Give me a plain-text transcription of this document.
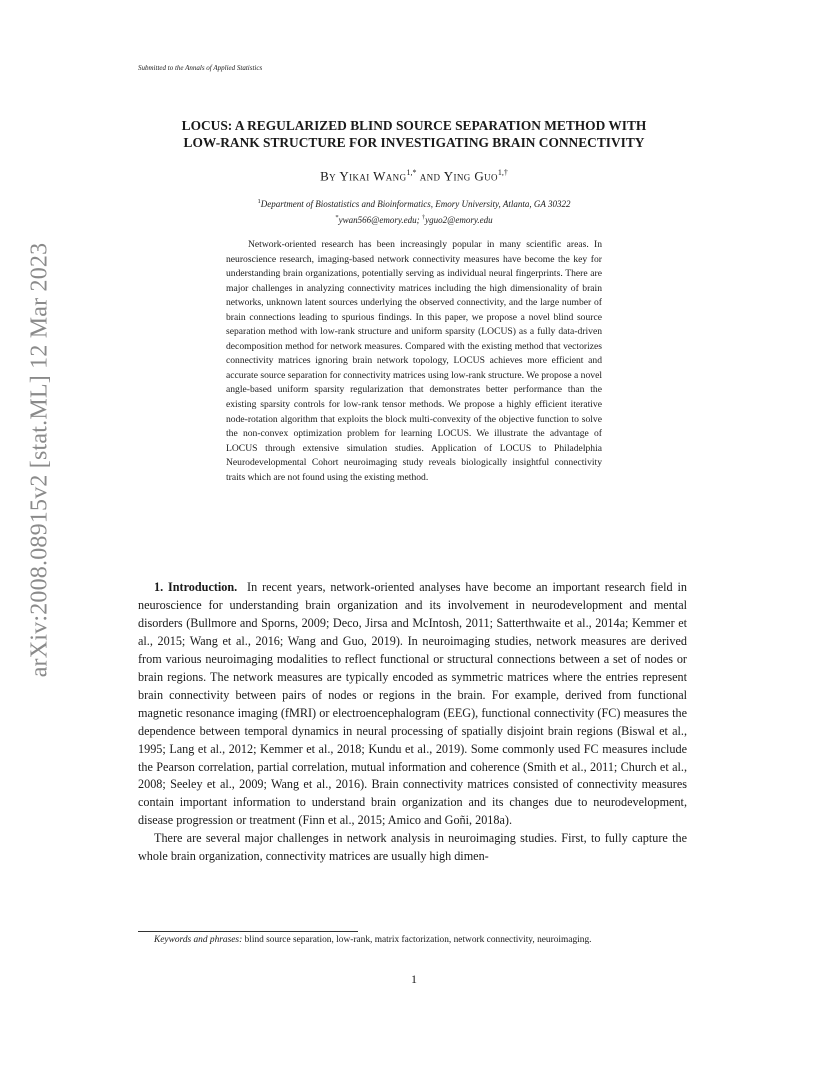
Submitted to the Annals of Applied Statistics
arXiv:2008.08915v2 [stat.ML] 12 Mar 2023
LOCUS: A REGULARIZED BLIND SOURCE SEPARATION METHOD WITH
LOW-RANK STRUCTURE FOR INVESTIGATING BRAIN CONNECTIVITY
By Yikai Wang$^{1,*}$ and Ying Guo$^{1,\dagger}$
$^1$Department of Biostatistics and Bioinformatics, Emory University, Atlanta, GA 30322
*ywan566@emory.edu; †yguo2@emory.edu

Network-oriented research has been increasingly popular in many scientific areas. In neuroscience research, imaging-based network connectivity measures have become the key for understanding brain organizations, potentially serving as individual neural fingerprints. There are major challenges in analyzing connectivity matrices including the high dimensionality of brain networks, unknown latent sources underlying the observed connectivity, and the large number of brain connections leading to spurious findings. In this paper, we propose a novel blind source separation method with low-rank structure and uniform sparsity (LOCUS) as a fully data-driven decomposition method for network measures. Compared with the existing method that vectorizes connectivity matrices ignoring brain network topology, LOCUS achieves more efficient and accurate source separation for connectivity matrices using low-rank structure. We propose a novel angle-based uniform sparsity regularization that demonstrates better performance than the existing sparsity controls for low-rank tensor methods. We propose a highly efficient iterative node-rotation algorithm that exploits the block multi-convexity of the objective function to solve the non-convex optimization problem for learning LOCUS. We illustrate the advantage of LOCUS through extensive simulation studies. Application of LOCUS to Philadelphia Neurodevelopmental Cohort neuroimaging study reveals biologically insightful connectivity traits which are not found using the existing method.

1. Introduction. In recent years, network-oriented analyses have become an important research field in neuroscience for understanding brain organization and its involvement in neurodevelopment and mental disorders (Bullmore and Sporns, 2009; Deco, Jirsa and McIntosh, 2011; Satterthwaite et al., 2014a; Kemmer et al., 2015; Wang et al., 2016; Wang and Guo, 2019). In neuroimaging studies, network measures are derived from various neuroimaging modalities to reflect functional or structural connections between a set of nodes or brain regions. The network measures are typically encoded as symmetric matrices where the entries represent brain connectivity between pairs of nodes or regions in the brain. For example, derived from functional magnetic resonance imaging (fMRI) or electroencephalogram (EEG), functional connectivity (FC) measures the dependence between temporal dynamics in neural processing of spatially disjoint brain regions (Biswal et al., 1995; Lang et al., 2012; Kemmer et al., 2018; Kundu et al., 2019). Some commonly used FC measures include the Pearson correlation, partial correlation, mutual information and coherence (Smith et al., 2011; Church et al., 2008; Seeley et al., 2009; Wang et al., 2016). Brain connectivity matrices consisted of connectivity measures contain important information to understand brain organization and its changes due to neurodevelopment, disease progression or treatment (Finn et al., 2015; Amico and Goñi, 2018a).

There are several major challenges in network analysis in neuroimaging studies. First, to fully capture the whole brain organization, connectivity matrices are usually high dimen-

Keywords and phrases: blind source separation, low-rank, matrix factorization, network connectivity, neuroimaging.

1
